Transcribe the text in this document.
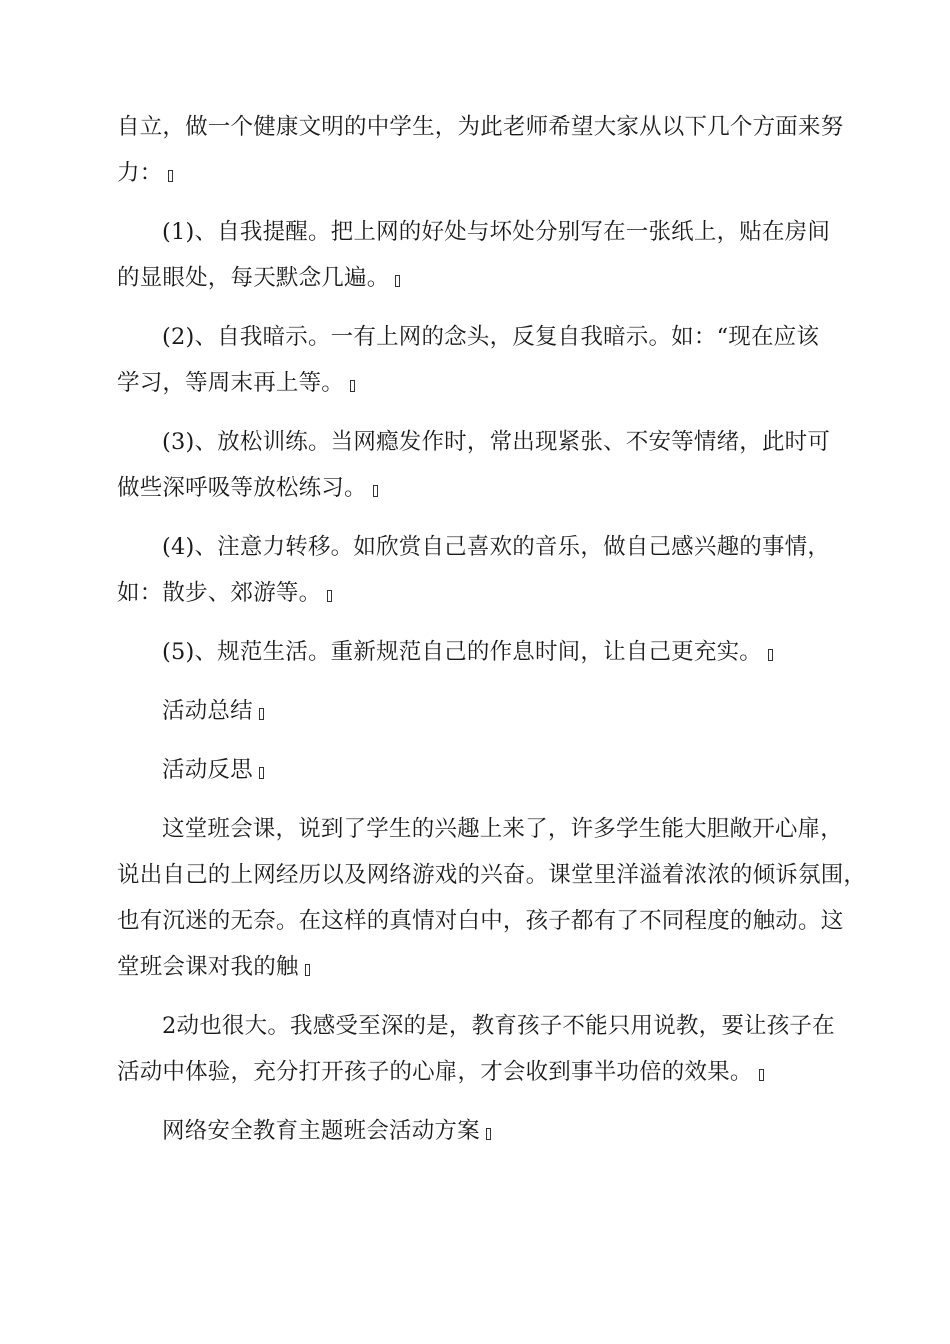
自立，做一个健康文明的中学生，为此老师希望大家从以下几个方面来努
力：
(1)、自我提醒。把上网的好处与坏处分别写在一张纸上，贴在房间
的显眼处，每天默念几遍。
(2)、自我暗示。一有上网的念头，反复自我暗示。如：“现在应该
学习，等周末再上等。
(3)、放松训练。当网瘾发作时，常出现紧张、不安等情绪，此时可
做些深呼吸等放松练习。
(4)、注意力转移。如欣赏自己喜欢的音乐，做自己感兴趣的事情，
如：散步、郊游等。
(5)、规范生活。重新规范自己的作息时间，让自己更充实。
活动总结
活动反思
这堂班会课，说到了学生的兴趣上来了，许多学生能大胆敞开心扉，
说出自己的上网经历以及网络游戏的兴奋。课堂里洋溢着浓浓的倾诉氛围，
也有沉迷的无奈。在这样的真情对白中，孩子都有了不同程度的触动。这
堂班会课对我的触
2动也很大。我感受至深的是，教育孩子不能只用说教，要让孩子在
活动中体验，充分打开孩子的心扉，才会收到事半功倍的效果。
网络安全教育主题班会活动方案
